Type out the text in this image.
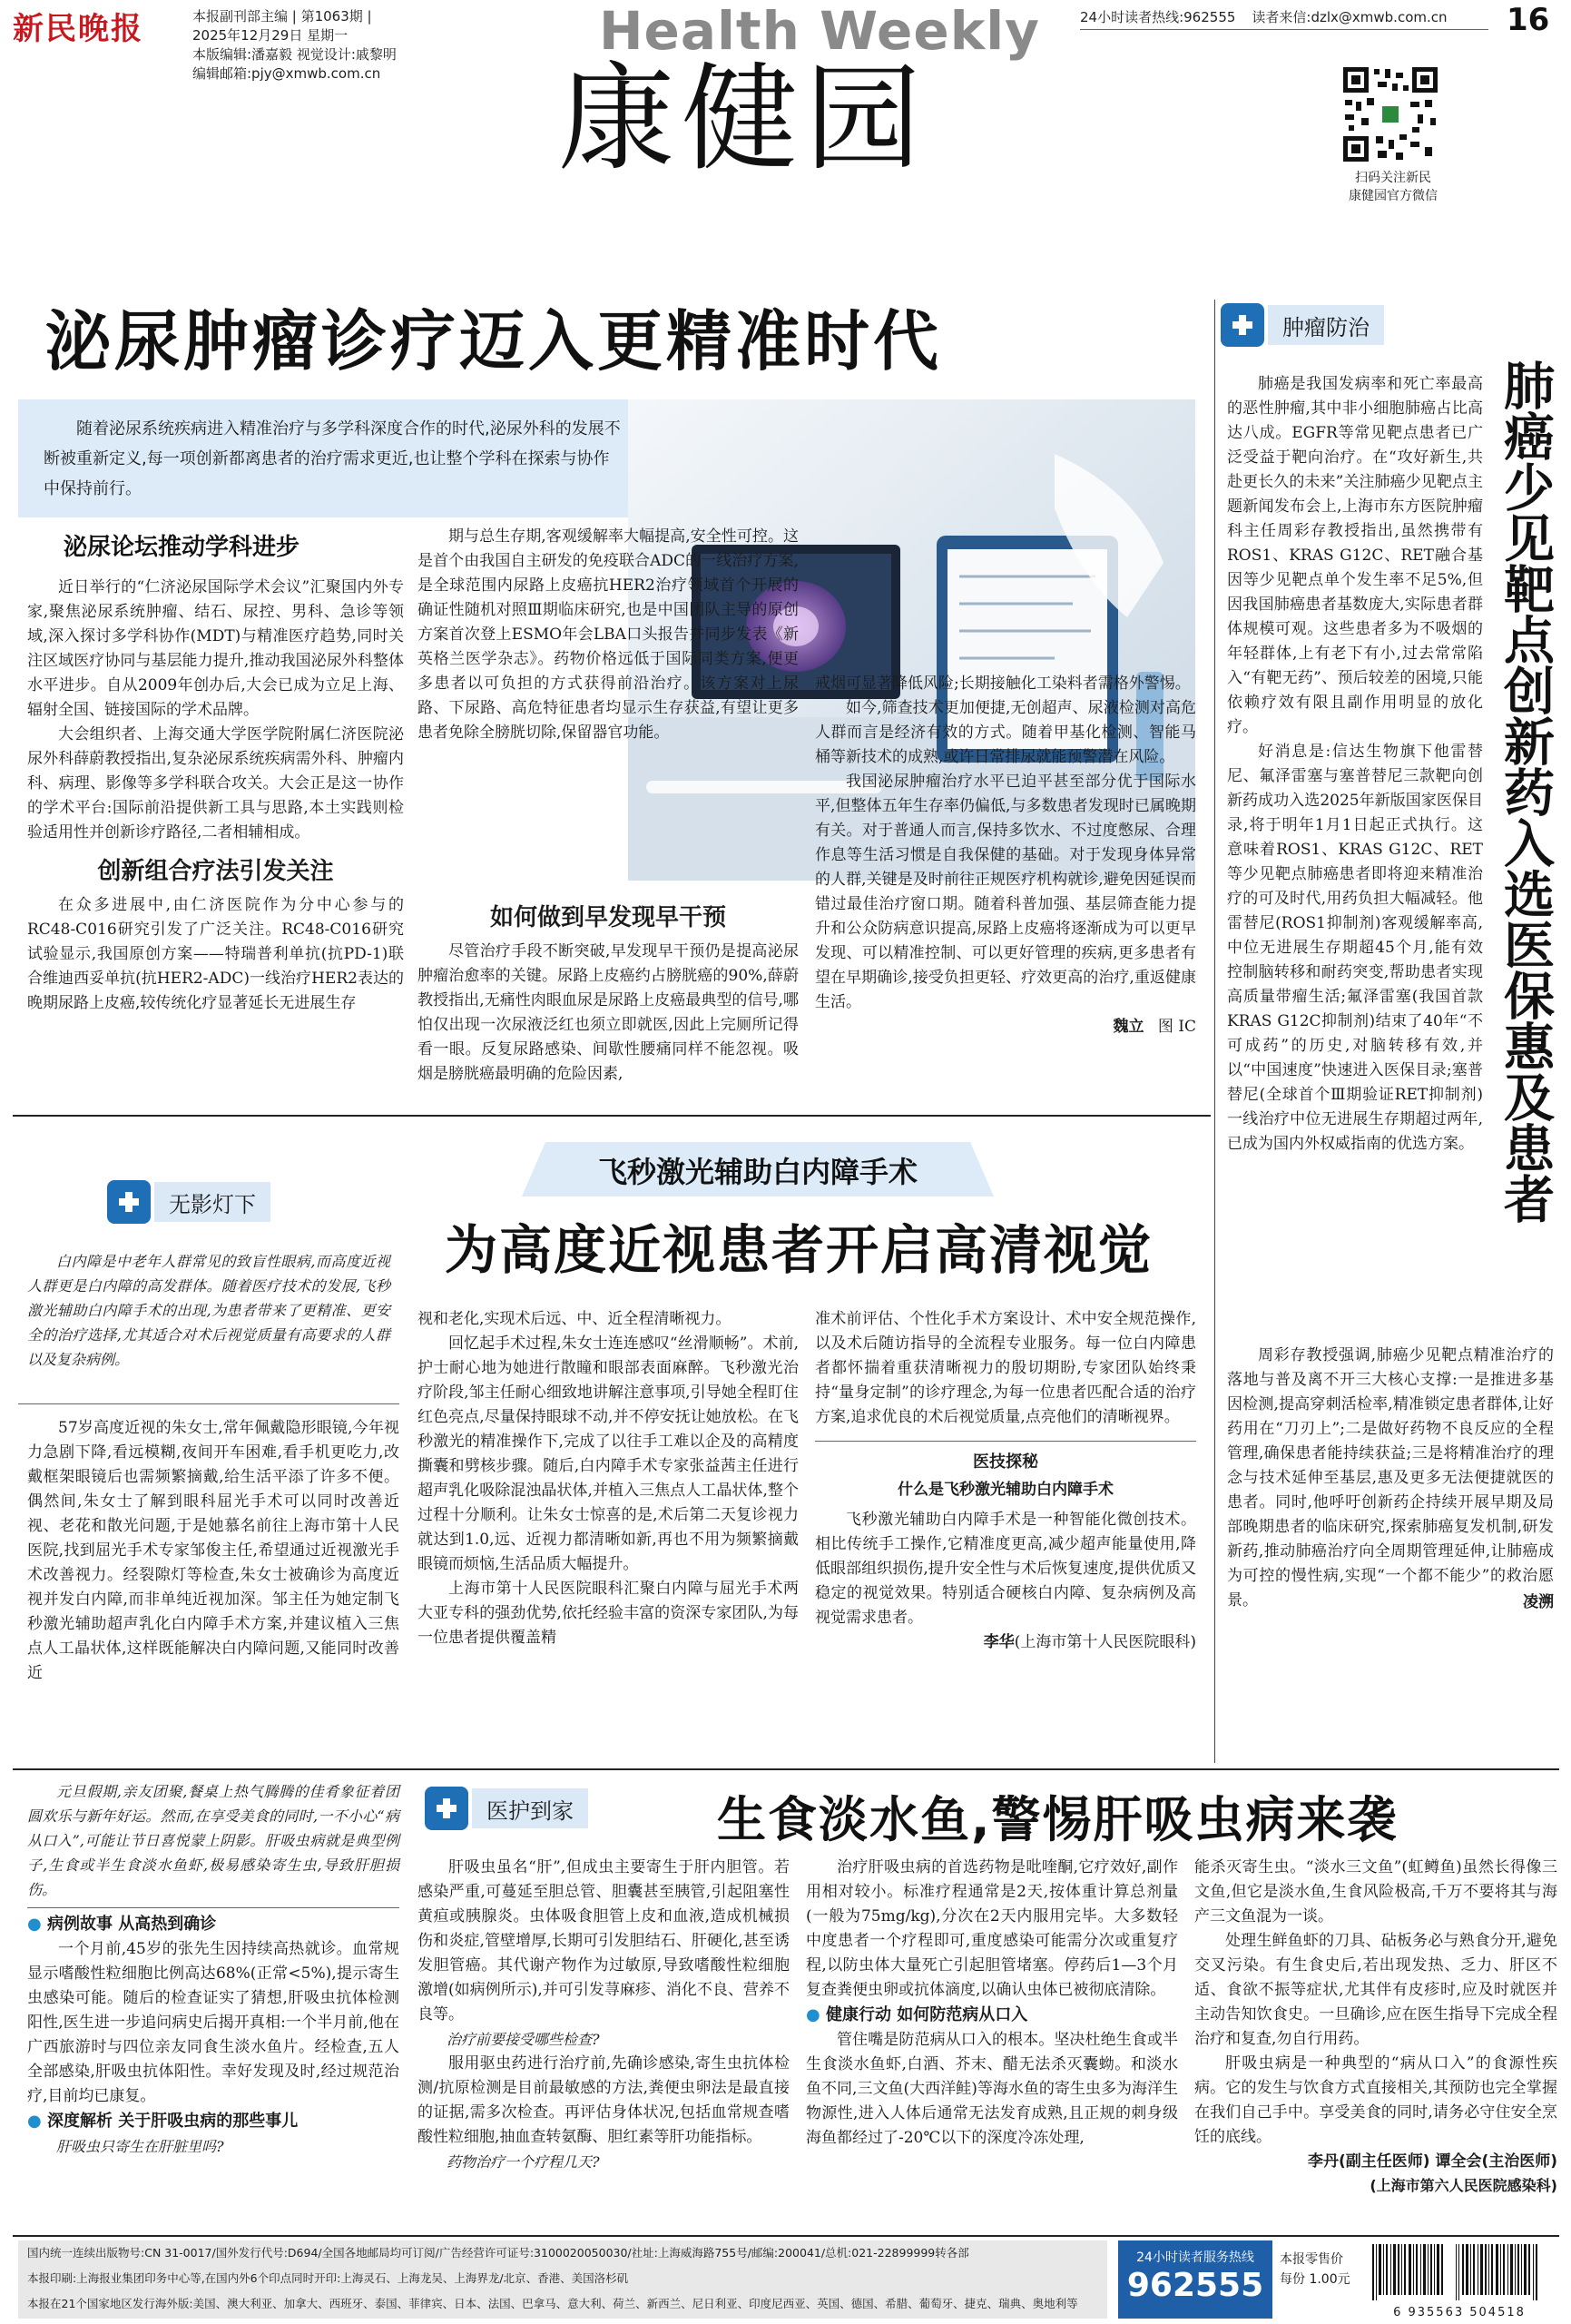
新民晚报	本报副刊部主编 | 第1063期 |
2025年12月29日 星期一
本版编辑:潘嘉毅 视觉设计:戚黎明
编辑邮箱:pjy@xmwb.com.cn
Health Weekly
康健园
24小时读者热线:962555 读者来信:dzlx@xmwb.com.cn 16
扫码关注新民
康健园官方微信
泌尿肿瘤诊疗迈入更精准时代
随着泌尿系统疾病进入精准治疗与多学科深度合作的时代,泌尿外科的发展不断被重新定义,每一项创新都离患者的治疗需求更近,也让整个学科在探索与协作中保持前行。
泌尿论坛推动学科进步

近日举行的“仁济泌尿国际学术会议”汇聚国内外专家,聚焦泌尿系统肿瘤、结石、尿控、男科、急诊等领域,深入探讨多学科协作(MDT)与精准医疗趋势,同时关注区域医疗协同与基层能力提升,推动我国泌尿外科整体水平进步。自从2009年创办后,大会已成为立足上海、辐射全国、链接国际的学术品牌。

大会组织者、上海交通大学医学院附属仁济医院泌尿外科薛蔚教授指出,复杂泌尿系统疾病需外科、肿瘤内科、病理、影像等多学科联合攻关。大会正是这一协作的学术平台:国际前沿提供新工具与思路,本土实践则检验适用性并创新诊疗路径,二者相辅相成。

创新组合疗法引发关注

在众多进展中,由仁济医院作为分中心参与的RC48-C016研究引发了广泛关注。RC48-C016研究试验显示,我国原创方案——特瑞普利单抗(抗PD-1)联合维迪西妥单抗(抗HER2-ADC)一线治疗HER2表达的晚期尿路上皮癌,较传统化疗显著延长无进展生存

期与总生存期,客观缓解率大幅提高,安全性可控。这是首个由我国自主研发的免疫联合ADC的一线治疗方案,是全球范围内尿路上皮癌抗HER2治疗领域首个开展的确证性随机对照Ⅲ期临床研究,也是中国团队主导的原创方案首次登上ESMO年会LBA口头报告并同步发表《新英格兰医学杂志》。药物价格远低于国际同类方案,便更多患者以可负担的方式获得前沿治疗。该方案对上尿路、下尿路、高危特征患者均显示生存获益,有望让更多患者免除全膀胱切除,保留器官功能。

如何做到早发现早干预

尽管治疗手段不断突破,早发现早干预仍是提高泌尿肿瘤治愈率的关键。尿路上皮癌约占膀胱癌的90%,薛蔚教授指出,无痛性肉眼血尿是尿路上皮癌最典型的信号,哪怕仅出现一次尿液泛红也须立即就医,因此上完厕所记得看一眼。反复尿路感染、间歇性腰痛同样不能忽视。吸烟是膀胱癌最明确的危险因素,

戒烟可显著降低风险;长期接触化工染料者需格外警惕。

如今,筛查技术更加便捷,无创超声、尿液检测对高危人群而言是经济有效的方式。随着甲基化检测、智能马桶等新技术的成熟,或许日常排尿就能预警潜在风险。

我国泌尿肿瘤治疗水平已迫平甚至部分优于国际水平,但整体五年生存率仍偏低,与多数患者发现时已属晚期有关。对于普通人而言,保持多饮水、不过度憋尿、合理作息等生活习惯是自我保健的基础。对于发现身体异常的人群,关键是及时前往正规医疗机构就诊,避免因延误而错过最佳治疗窗口期。随着科普加强、基层筛查能力提升和公众防病意识提高,尿路上皮癌将逐渐成为可以更早发现、可以精准控制、可以更好管理的疾病,更多患者有望在早期确诊,接受负担更轻、疗效更高的治疗,重返健康生活。

魏立 图 IC
肿瘤防治
肺癌少见靶点创新药入选医保惠及患者

肺癌是我国发病率和死亡率最高的恶性肿瘤,其中非小细胞肺癌占比高达八成。EGFR等常见靶点患者已广泛受益于靶向治疗。在“攻好新生,共赴更长久的未来”关注肺癌少见靶点主题新闻发布会上,上海市东方医院肿瘤科主任周彩存教授指出,虽然携带有ROS1、KRAS G12C、RET融合基因等少见靶点单个发生率不足5%,但因我国肺癌患者基数庞大,实际患者群体规模可观。这些患者多为不吸烟的年轻群体,上有老下有小,过去常常陷入“有靶无药”、预后较差的困境,只能依赖疗效有限且副作用明显的放化疗。

好消息是:信达生物旗下他雷替尼、氟泽雷塞与塞普替尼三款靶向创新药成功入选2025年新版国家医保目录,将于明年1月1日起正式执行。这意味着ROS1、KRAS G12C、RET等少见靶点肺癌患者即将迎来精准治疗的可及时代,用药负担大幅减轻。他雷替尼(ROS1抑制剂)客观缓解率高,中位无进展生存期超45个月,能有效控制脑转移和耐药突变,帮助患者实现高质量带瘤生活;氟泽雷塞(我国首款KRAS G12C抑制剂)结束了40年“不可成药”的历史,对脑转移有效,并以“中国速度”快速进入医保目录;塞普替尼(全球首个Ⅲ期验证RET抑制剂)一线治疗中位无进展生存期超过两年,已成为国内外权威指南的优选方案。

周彩存教授强调,肺癌少见靶点精准治疗的落地与普及离不开三大核心支撑:一是推进多基因检测,提高穿刺活检率,精准锁定患者群体,让好药用在“刀刃上”;二是做好药物不良反应的全程管理,确保患者能持续获益;三是将精准治疗的理念与技术延伸至基层,惠及更多无法便捷就医的患者。同时,他呼吁创新药企持续开展早期及局部晚期患者的临床研究,探索肺癌复发机制,研发新药,推动肺癌治疗向全周期管理延伸,让肺癌成为可控的慢性病,实现“一个都不能少”的救治愿景。	凌溯
无影灯下
飞秒激光辅助白内障手术
为高度近视患者开启高清视觉

白内障是中老年人群常见的致盲性眼病,而高度近视人群更是白内障的高发群体。随着医疗技术的发展,飞秒激光辅助白内障手术的出现,为患者带来了更精准、更安全的治疗选择,尤其适合对术后视觉质量有高要求的人群以及复杂病例。

57岁高度近视的朱女士,常年佩戴隐形眼镜,今年视力急剧下降,看远模糊,夜间开车困难,看手机更吃力,改戴框架眼镜后也需频繁摘戴,给生活平添了许多不便。偶然间,朱女士了解到眼科屈光手术可以同时改善近视、老花和散光问题,于是她慕名前往上海市第十人民医院,找到屈光手术专家邹俊主任,希望通过近视激光手术改善视力。经裂隙灯等检查,朱女士被确诊为高度近视并发白内障,而非单纯近视加深。邹主任为她定制飞秒激光辅助超声乳化白内障手术方案,并建议植入三焦点人工晶状体,这样既能解决白内障问题,又能同时改善近

视和老化,实现术后远、中、近全程清晰视力。

回忆起手术过程,朱女士连连感叹“丝滑顺畅”。术前,护士耐心地为她进行散瞳和眼部表面麻醉。飞秒激光治疗阶段,邹主任耐心细致地讲解注意事项,引导她全程盯住红色亮点,尽量保持眼球不动,并不停安抚让她放松。在飞秒激光的精准操作下,完成了以往手工难以企及的高精度撕囊和劈核步骤。随后,白内障手术专家张益茜主任进行超声乳化吸除混浊晶状体,并植入三焦点人工晶状体,整个过程十分顺利。让朱女士惊喜的是,术后第二天复诊视力就达到1.0,远、近视力都清晰如新,再也不用为频繁摘戴眼镜而烦恼,生活品质大幅提升。

上海市第十人民医院眼科汇聚白内障与屈光手术两大亚专科的强劲优势,依托经验丰富的资深专家团队,为每一位患者提供覆盖精

准术前评估、个性化手术方案设计、术中安全规范操作,以及术后随访指导的全流程专业服务。每一位白内障患者都怀揣着重获清晰视力的殷切期盼,专家团队始终秉持“量身定制”的诊疗理念,为每一位患者匹配合适的治疗方案,追求优良的术后视觉质量,点亮他们的清晰视界。

医技探秘
什么是飞秒激光辅助白内障手术

飞秒激光辅助白内障手术是一种智能化微创技术。相比传统手工操作,它精准度更高,减少超声能量使用,降低眼部组织损伤,提升安全性与术后恢复速度,提供优质又稳定的视觉效果。特别适合硬核白内障、复杂病例及高视觉需求患者。

李华(上海市第十人民医院眼科)
医护到家	生食淡水鱼,警惕肝吸虫病来袭

元旦假期,亲友团聚,餐桌上热气腾腾的佳肴象征着团圆欢乐与新年好运。然而,在享受美食的同时,一不小心“病从口入”,可能让节日喜悦蒙上阴影。肝吸虫病就是典型例子,生食或半生食淡水鱼虾,极易感染寄生虫,导致肝胆损伤。

● 病例故事 从高热到确诊

一个月前,45岁的张先生因持续高热就诊。血常规显示嗜酸性粒细胞比例高达68%(正常<5%),提示寄生虫感染可能。随后的检查证实了猜想,肝吸虫抗体检测阳性,医生进一步追问病史后揭开真相:一个半月前,他在广西旅游时与四位亲友同食生淡水鱼片。经检查,五人全部感染,肝吸虫抗体阳性。幸好发现及时,经过规范治疗,目前均已康复。

● 深度解析 关于肝吸虫病的那些事儿

肝吸虫只寄生在肝脏里吗?

肝吸虫虽名“肝”,但成虫主要寄生于肝内胆管。若感染严重,可蔓延至胆总管、胆囊甚至胰管,引起阻塞性黄疸或胰腺炎。虫体吸食胆管上皮和血液,造成机械损伤和炎症,管壁增厚,长期可引发胆结石、肝硬化,甚至诱发胆管癌。其代谢产物作为过敏原,导致嗜酸性粒细胞激增(如病例所示),并可引发荨麻疹、消化不良、营养不良等。

治疗前要接受哪些检查?

服用驱虫药进行治疗前,先确诊感染,寄生虫抗体检测/抗原检测是目前最敏感的方法,粪便虫卵法是最直接的证据,需多次检查。再评估身体状况,包括血常规查嗜酸性粒细胞,抽血查转氨酶、胆红素等肝功能指标。

药物治疗一个疗程几天?

治疗肝吸虫病的首选药物是吡喹酮,它疗效好,副作用相对较小。标准疗程通常是2天,按体重计算总剂量(一般为75mg/kg),分次在2天内服用完毕。大多数轻中度患者一个疗程即可,重度感染可能需分次或重复疗程,以防虫体大量死亡引起胆管堵塞。停药后1—3个月复查粪便虫卵或抗体滴度,以确认虫体已被彻底清除。

● 健康行动 如何防范病从口入

管住嘴是防范病从口入的根本。坚决杜绝生食或半生食淡水鱼虾,白酒、芥末、醋无法杀灭囊蚴。和淡水鱼不同,三文鱼(大西洋鲑)等海水鱼的寄生虫多为海洋生物源性,进入人体后通常无法发育成熟,且正规的刺身级海鱼都经过了-20℃以下的深度冷冻处理,

能杀灭寄生虫。“淡水三文鱼”(虹鳟鱼)虽然长得像三文鱼,但它是淡水鱼,生食风险极高,千万不要将其与海产三文鱼混为一谈。

处理生鲜鱼虾的刀具、砧板务必与熟食分开,避免交叉污染。有生食史后,若出现发热、乏力、肝区不适、食欲不振等症状,尤其伴有皮疹时,应及时就医并主动告知饮食史。一旦确诊,应在医生指导下完成全程治疗和复查,勿自行用药。

肝吸虫病是一种典型的“病从口入”的食源性疾病。它的发生与饮食方式直接相关,其预防也完全掌握在我们自己手中。享受美食的同时,请务必守住安全烹饪的底线。

李丹(副主任医师) 谭全会(主治医师)
(上海市第六人民医院感染科)
国内统一连续出版物号:CN 31-0017/国外发行代号:D694/全国各地邮局均可订阅/广告经营许可证号:3100020050030/社址:上海威海路755号/邮编:200041/总机:021-22899999转各部
本报印刷:上海报业集团印务中心等,在国内外6个印点同时开印:上海灵石、上海龙吴、上海界龙/北京、香港、美国洛杉矶
本报在21个国家地区发行海外版:美国、澳大利亚、加拿大、西班牙、泰国、菲律宾、日本、法国、巴拿马、意大利、荷兰、新西兰、尼日利亚、印度尼西亚、英国、德国、希腊、葡萄牙、捷克、瑞典、奥地利等
24小时读者服务热线
962555
本报零售价
每份 1.00元
6 935563 504518
